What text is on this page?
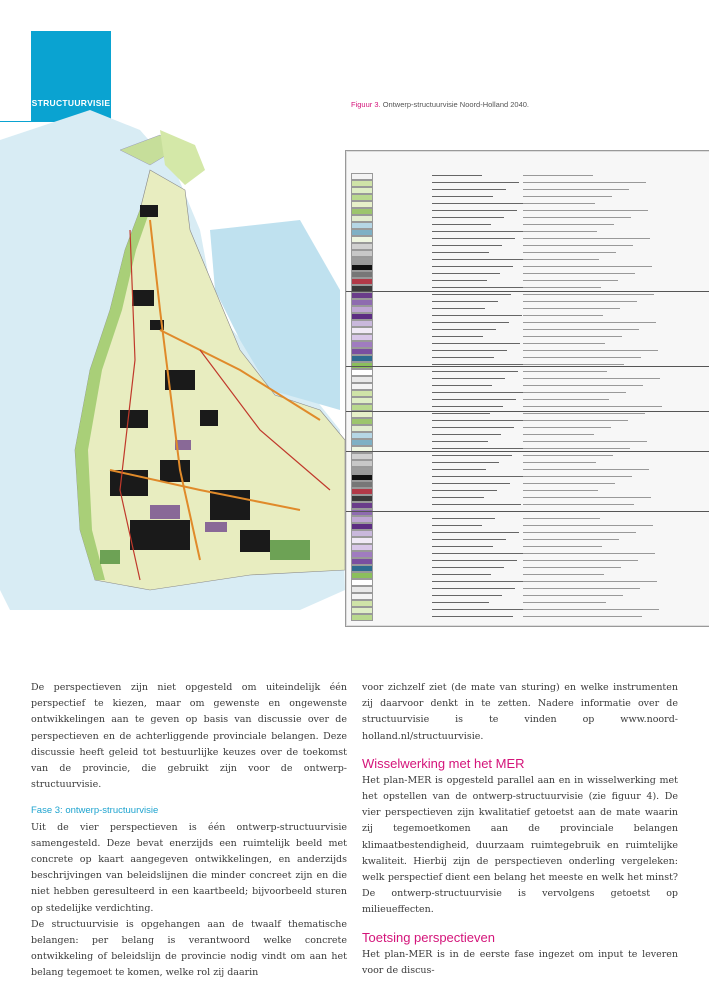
STRUCTUURVISIE	Figuur 3. Ontwerp-structuurvisie Noord-Holland 2040.

De perspectieven zijn niet opgesteld om uiteindelijk één perspectief te kiezen, maar om gewenste en ongewenste ontwikkelingen aan te geven op basis van discussie over de perspectieven en de achterliggende provinciale belangen. Deze discussie heeft geleid tot bestuurlijke keuzes over de toekomst van de provincie, die gebruikt zijn voor de ontwerp-structuurvisie.

Fase 3: ontwerp-structuurvisie

Uit de vier perspectieven is één ontwerp-structuurvisie samengesteld. Deze bevat enerzijds een ruimtelijk beeld met concrete op kaart aangegeven ontwikkelingen, en anderzijds beschrijvingen van beleidslijnen die minder concreet zijn en die niet hebben geresulteerd in een kaartbeeld; bijvoorbeeld sturen op stedelijke verdichting.

De structuurvisie is opgehangen aan de twaalf thematische belangen: per belang is verantwoord welke concrete ontwikkeling of beleidslijn de provincie nodig vindt om aan het belang tegemoet te komen, welke rol zij daarin

voor zichzelf ziet (de mate van sturing) en welke instrumenten zij daarvoor denkt in te zetten. Nadere informatie over de structuurvisie is te vinden op www.noord-holland.nl/structuurvisie.

Wisselwerking met het MER

Het plan-MER is opgesteld parallel aan en in wisselwerking met het opstellen van de ontwerp-structuurvisie (zie figuur 4). De vier perspectieven zijn kwalitatief getoetst aan de mate waarin zij tegemoetkomen aan de provinciale belangen klimaatbestendigheid, duurzaam ruimtegebruik en ruimtelijke kwaliteit. Hierbij zijn de perspectieven onderling vergeleken: welk perspectief dient een belang het meeste en welk het minst? De ontwerp-structuurvisie is vervolgens getoetst op milieueffecten.

Toetsing perspectieven

Het plan-MER is in de eerste fase ingezet om input te leveren voor de discus-
